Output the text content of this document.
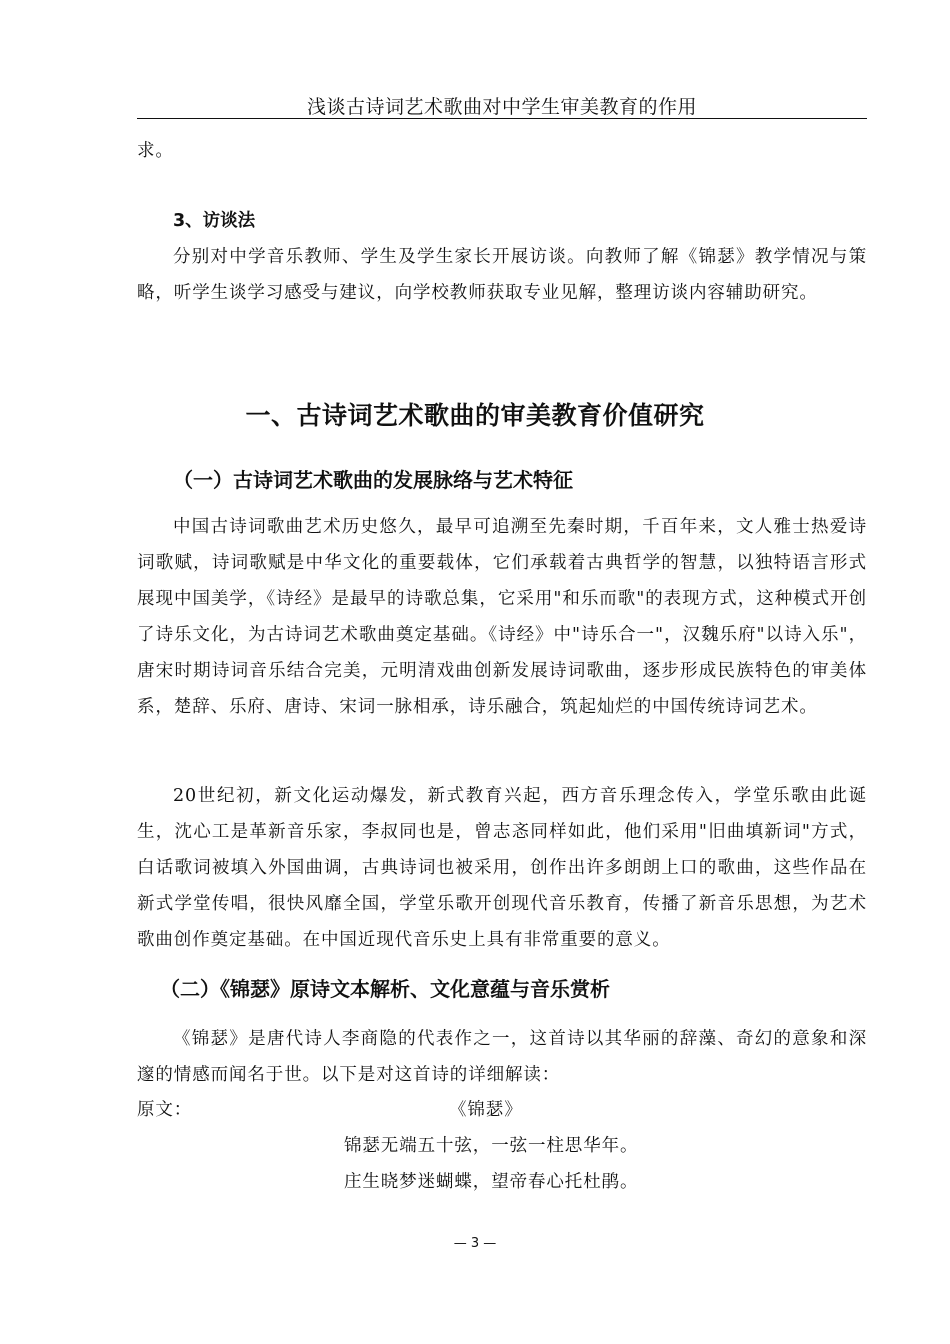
浅谈古诗词艺术歌曲对中学生审美教育的作用
求。
3、访谈法
分别对中学音乐教师、学生及学生家长开展访谈。向教师了解《锦瑟》教学情况与策略，听学生谈学习感受与建议，向学校教师获取专业见解，整理访谈内容辅助研究。
一、古诗词艺术歌曲的审美教育价值研究
（一）古诗词艺术歌曲的发展脉络与艺术特征
中国古诗词歌曲艺术历史悠久，最早可追溯至先秦时期，千百年来，文人雅士热爱诗词歌赋，诗词歌赋是中华文化的重要载体，它们承载着古典哲学的智慧，以独特语言形式展现中国美学，《诗经》是最早的诗歌总集，它采用"和乐而歌"的表现方式，这种模式开创了诗乐文化，为古诗词艺术歌曲奠定基础。《诗经》中"诗乐合一"，汉魏乐府"以诗入乐"，唐宋时期诗词音乐结合完美，元明清戏曲创新发展诗词歌曲，逐步形成民族特色的审美体系，楚辞、乐府、唐诗、宋词一脉相承，诗乐融合，筑起灿烂的中国传统诗词艺术。
20世纪初，新文化运动爆发，新式教育兴起，西方音乐理念传入，学堂乐歌由此诞生，沈心工是革新音乐家，李叔同也是，曾志忞同样如此，他们采用"旧曲填新词"方式，白话歌词被填入外国曲调，古典诗词也被采用，创作出许多朗朗上口的歌曲，这些作品在新式学堂传唱，很快风靡全国，学堂乐歌开创现代音乐教育，传播了新音乐思想，为艺术歌曲创作奠定基础。在中国近现代音乐史上具有非常重要的意义。
（二）《锦瑟》原诗文本解析、文化意蕴与音乐赏析
《锦瑟》是唐代诗人李商隐的代表作之一，这首诗以其华丽的辞藻、奇幻的意象和深邃的情感而闻名于世。以下是对这首诗的详细解读：
原文：	《锦瑟》
锦瑟无端五十弦，一弦一柱思华年。
庄生晓梦迷蝴蝶，望帝春心托杜鹃。
— 3 —
